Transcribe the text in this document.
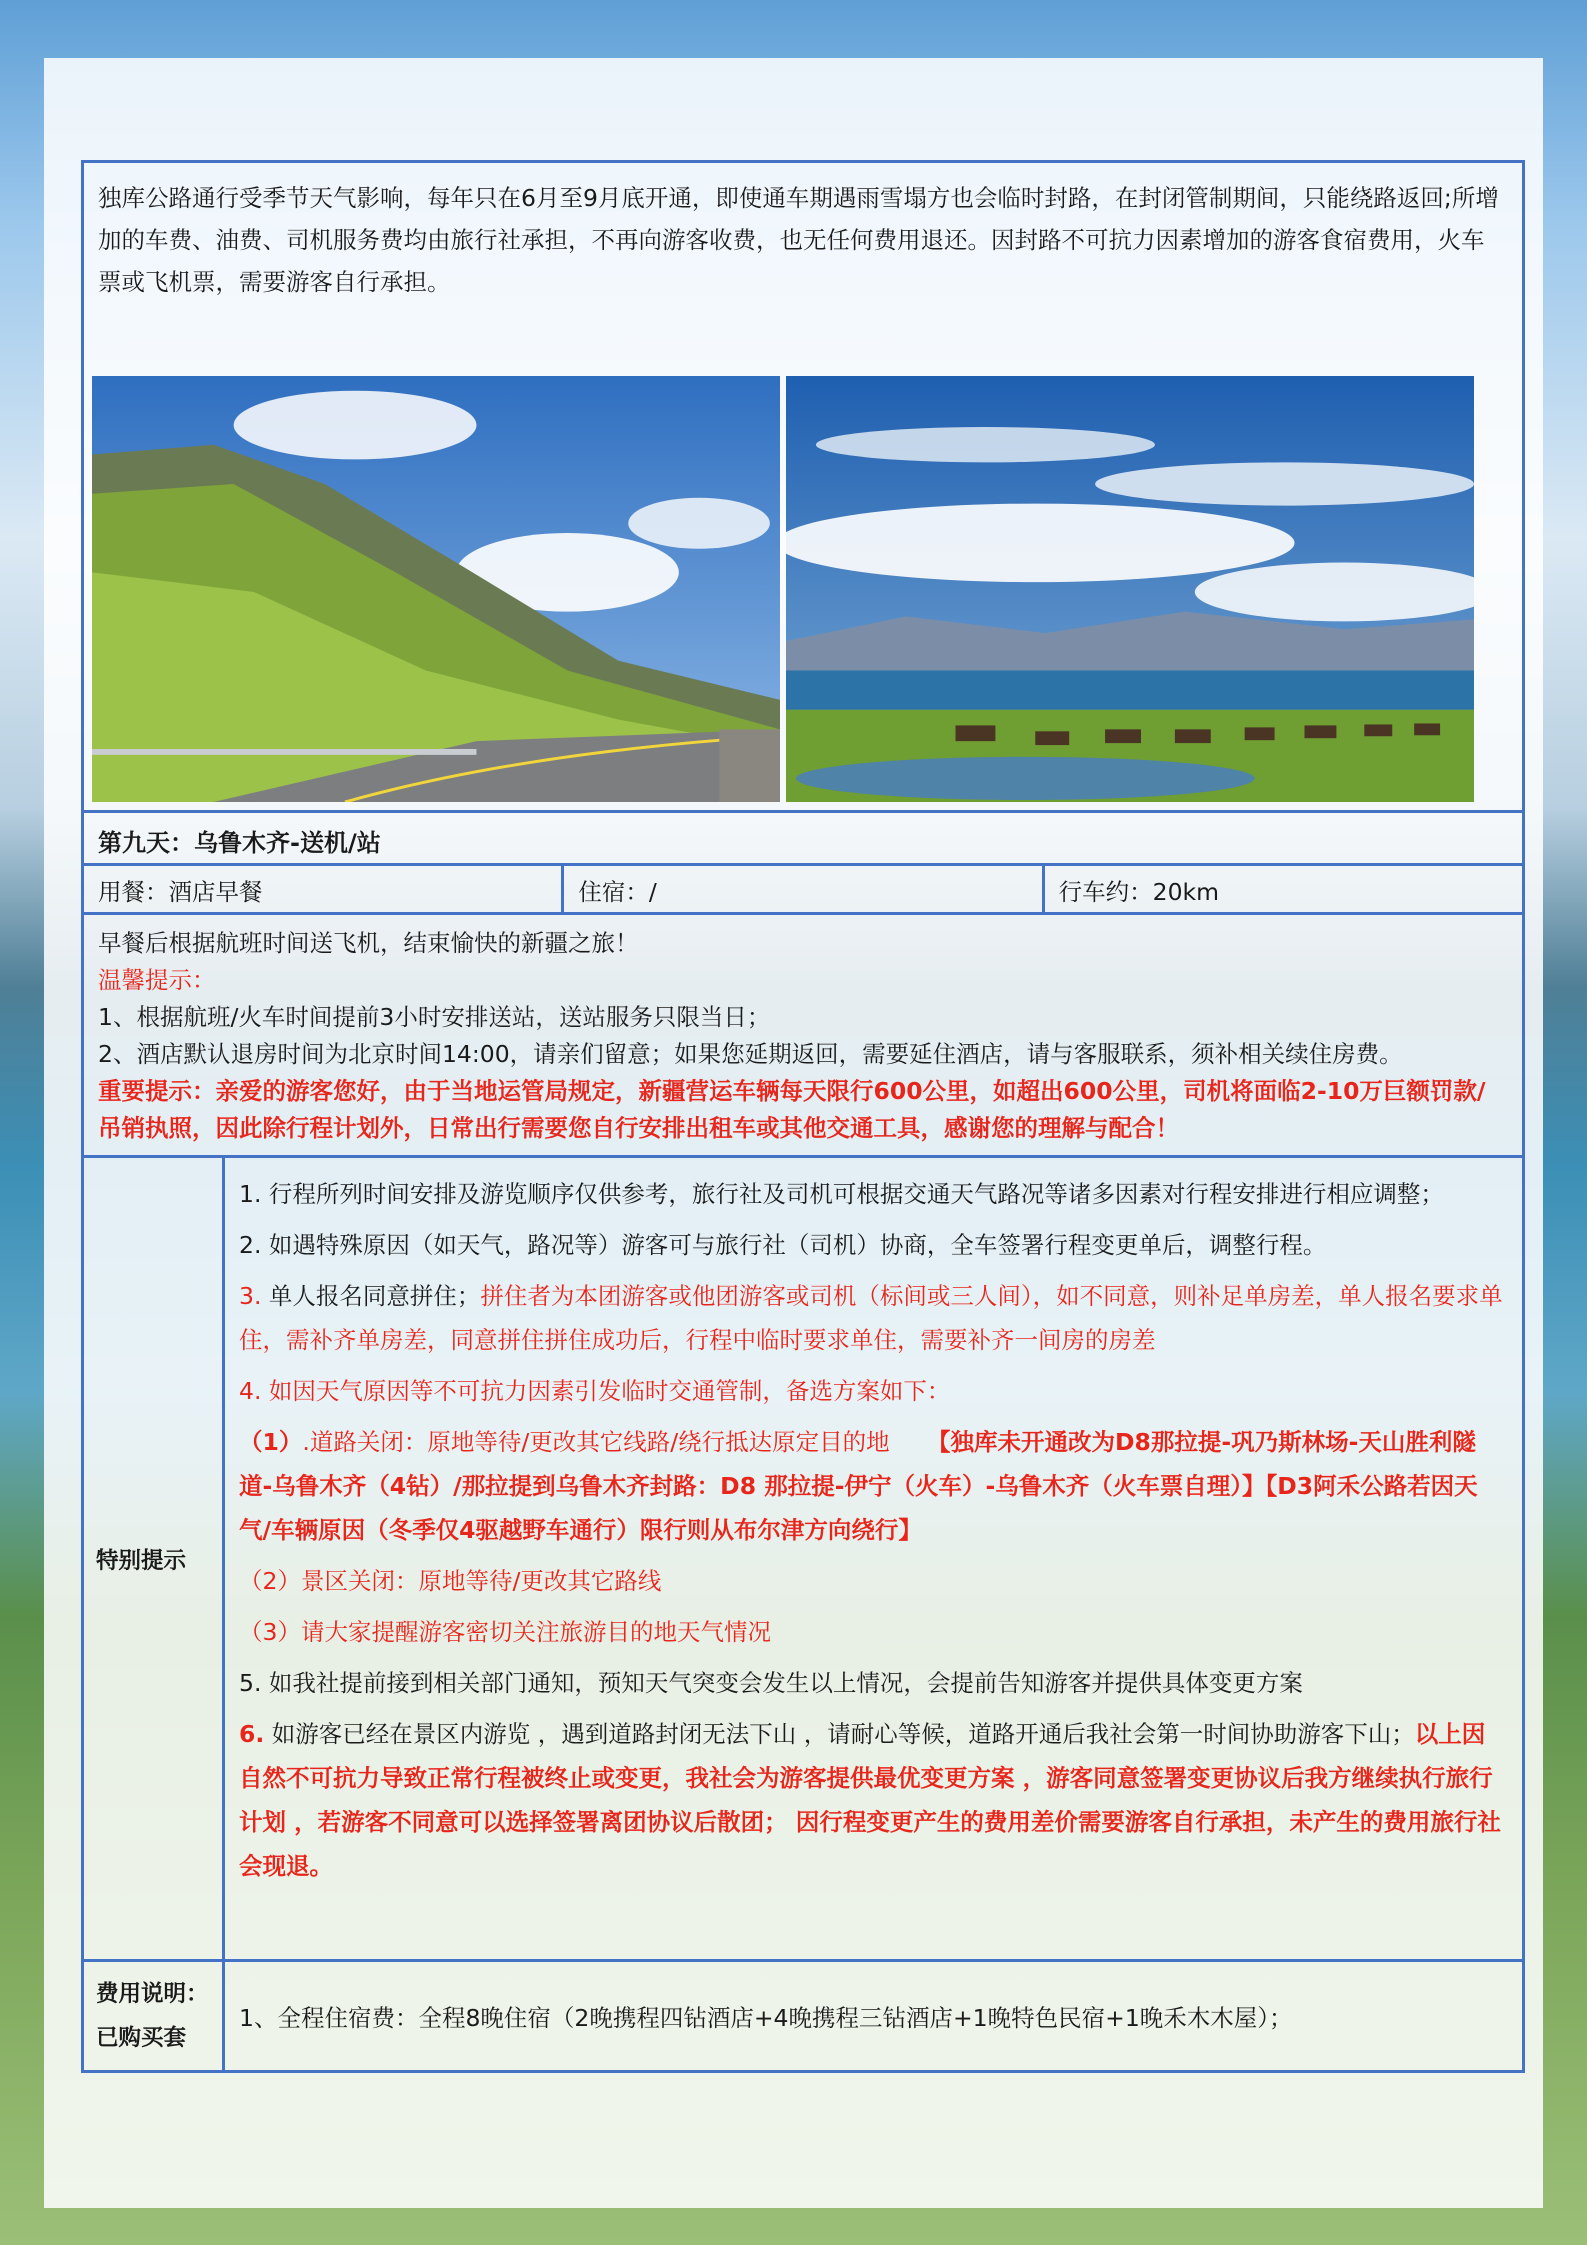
独库公路通行受季节天气影响，每年只在6月至9月底开通，即使通车期遇雨雪塌方也会临时封路，在封闭管制期间，只能绕路返回;所增加的车费、油费、司机服务费均由旅行社承担，不再向游客收费，也无任何费用退还。因封路不可抗力因素增加的游客食宿费用，火车票或飞机票，需要游客自行承担。
第九天：乌鲁木齐-送机/站
用餐：酒店早餐	住宿：/	行车约：20km

早餐后根据航班时间送飞机，结束愉快的新疆之旅！

温馨提示：

1、根据航班/火车时间提前3小时安排送站，送站服务只限当日；

2、酒店默认退房时间为北京时间14:00，请亲们留意；如果您延期返回，需要延住酒店，请与客服联系，须补相关续住房费。

重要提示：亲爱的游客您好，由于当地运管局规定，新疆营运车辆每天限行600公里，如超出600公里，司机将面临2-10万巨额罚款/吊销执照，因此除行程计划外，日常出行需要您自行安排出租车或其他交通工具，感谢您的理解与配合！

特别提示

1. 行程所列时间安排及游览顺序仅供参考，旅行社及司机可根据交通天气路况等诸多因素对行程安排进行相应调整；

2. 如遇特殊原因（如天气，路况等）游客可与旅行社（司机）协商，全车签署行程变更单后，调整行程。

3. 单人报名同意拼住；拼住者为本团游客或他团游客或司机（标间或三人间），如不同意，则补足单房差，单人报名要求单住，需补齐单房差，同意拼住拼住成功后，行程中临时要求单住，需要补齐一间房的房差

4. 如因天气原因等不可抗力因素引发临时交通管制，备选方案如下：

（1）.道路关闭：原地等待/更改其它线路/绕行抵达原定目的地 【独库未开通改为D8那拉提-巩乃斯林场-天山胜利隧道-乌鲁木齐（4钻）/那拉提到乌鲁木齐封路：D8 那拉提-伊宁（火车）-乌鲁木齐（火车票自理）】【D3阿禾公路若因天气/车辆原因（冬季仅4驱越野车通行）限行则从布尔津方向绕行】

（2）景区关闭：原地等待/更改其它路线

（3）请大家提醒游客密切关注旅游目的地天气情况

5. 如我社提前接到相关部门通知，预知天气突变会发生以上情况，会提前告知游客并提供具体变更方案

6. 如游客已经在景区内游览 ，遇到道路封闭无法下山 ，请耐心等候，道路开通后我社会第一时间协助游客下山；以上因自然不可抗力导致正常行程被终止或变更，我社会为游客提供最优变更方案 ，游客同意签署变更协议后我方继续执行旅行计划 ，若游客不同意可以选择签署离团协议后散团； 因行程变更产生的费用差价需要游客自行承担，未产生的费用旅行社会现退。

费用说明：
已购买套
1、全程住宿费：全程8晚住宿（2晚携程四钻酒店+4晚携程三钻酒店+1晚特色民宿+1晚禾木木屋）；
